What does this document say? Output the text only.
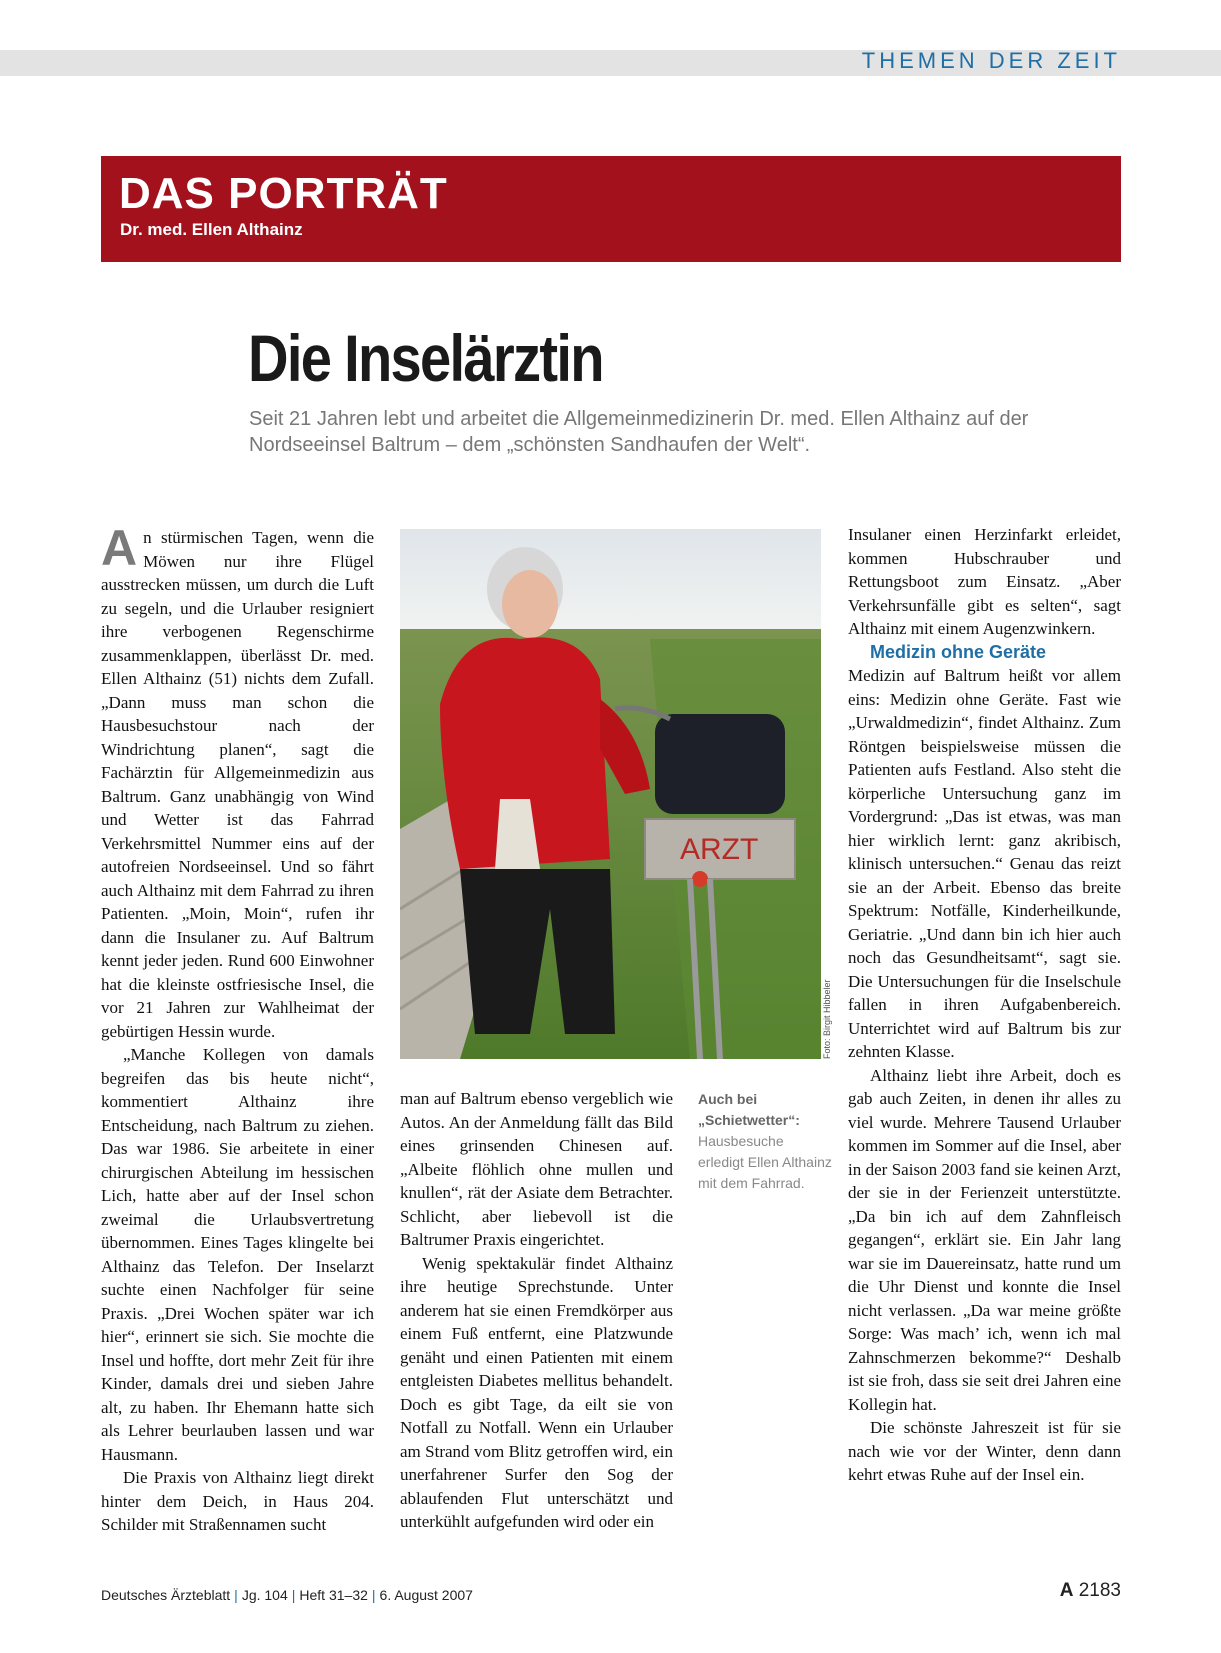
THEMEN DER ZEIT
DAS PORTRÄT
Dr. med. Ellen Althainz
Die Inselärztin

Seit 21 Jahren lebt und arbeitet die Allgemeinmedizinerin Dr. med. Ellen Althainz auf der Nordseeinsel Baltrum – dem „schönsten Sandhaufen der Welt“.

An stürmischen Tagen, wenn die Möwen nur ihre Flügel ausstrecken müssen, um durch die Luft zu segeln, und die Urlauber resigniert ihre verbogenen Regenschirme zusammenklappen, überlässt Dr. med. Ellen Althainz (51) nichts dem Zufall. „Dann muss man schon die Hausbesuchstour nach der Windrichtung planen“, sagt die Fachärztin für Allgemeinmedizin aus Baltrum. Ganz unabhängig von Wind und Wetter ist das Fahrrad Verkehrsmittel Nummer eins auf der autofreien Nordseeinsel. Und so fährt auch Althainz mit dem Fahrrad zu ihren Patienten. „Moin, Moin“, rufen ihr dann die Insulaner zu. Auf Baltrum kennt jeder jeden. Rund 600 Einwohner hat die kleinste ostfriesische Insel, die vor 21 Jahren zur Wahlheimat der gebürtigen Hessin wurde.

„Manche Kollegen von damals begreifen das bis heute nicht“, kommentiert Althainz ihre Entscheidung, nach Baltrum zu ziehen. Das war 1986. Sie arbeitete in einer chirurgischen Abteilung im hessischen Lich, hatte aber auf der Insel schon zweimal die Urlaubsvertretung übernommen. Eines Tages klingelte bei Althainz das Telefon. Der Inselarzt suchte einen Nachfolger für seine Praxis. „Drei Wochen später war ich hier“, erinnert sie sich. Sie mochte die Insel und hoffte, dort mehr Zeit für ihre Kinder, damals drei und sieben Jahre alt, zu haben. Ihr Ehemann hatte sich als Lehrer beurlauben lassen und war Hausmann.

Die Praxis von Althainz liegt direkt hinter dem Deich, in Haus 204. Schilder mit Straßennamen sucht

ARZT
Foto: Birgit Hibbeler
Auch bei „Schietwetter“: Hausbesuche erledigt Ellen Althainz mit dem Fahrrad.

man auf Baltrum ebenso vergeblich wie Autos. An der Anmeldung fällt das Bild eines grinsenden Chinesen auf. „Albeite flöhlich ohne mullen und knullen“, rät der Asiate dem Betrachter. Schlicht, aber liebevoll ist die Baltrumer Praxis eingerichtet.

Wenig spektakulär findet Althainz ihre heutige Sprechstunde. Unter anderem hat sie einen Fremdkörper aus einem Fuß entfernt, eine Platzwunde genäht und einen Patienten mit einem entgleisten Diabetes mellitus behandelt. Doch es gibt Tage, da eilt sie von Notfall zu Notfall. Wenn ein Urlauber am Strand vom Blitz getroffen wird, ein unerfahrener Surfer den Sog der ablaufenden Flut unterschätzt und unterkühlt aufgefunden wird oder ein

Insulaner einen Herzinfarkt erleidet, kommen Hubschrauber und Rettungsboot zum Einsatz. „Aber Verkehrsunfälle gibt es selten“, sagt Althainz mit einem Augenzwinkern.

Medizin ohne Geräte

Medizin auf Baltrum heißt vor allem eins: Medizin ohne Geräte. Fast wie „Urwaldmedizin“, findet Althainz. Zum Röntgen beispielsweise müssen die Patienten aufs Festland. Also steht die körperliche Untersuchung ganz im Vordergrund: „Das ist etwas, was man hier wirklich lernt: ganz akribisch, klinisch untersuchen.“ Genau das reizt sie an der Arbeit. Ebenso das breite Spektrum: Notfälle, Kinderheilkunde, Geriatrie. „Und dann bin ich hier auch noch das Gesundheitsamt“, sagt sie. Die Untersuchungen für die Inselschule fallen in ihren Aufgabenbereich. Unterrichtet wird auf Baltrum bis zur zehnten Klasse.

Althainz liebt ihre Arbeit, doch es gab auch Zeiten, in denen ihr alles zu viel wurde. Mehrere Tausend Urlauber kommen im Sommer auf die Insel, aber in der Saison 2003 fand sie keinen Arzt, der sie in der Ferienzeit unterstützte. „Da bin ich auf dem Zahnfleisch gegangen“, erklärt sie. Ein Jahr lang war sie im Dauereinsatz, hatte rund um die Uhr Dienst und konnte die Insel nicht verlassen. „Da war meine größte Sorge: Was mach’ ich, wenn ich mal Zahnschmerzen bekomme?“ Deshalb ist sie froh, dass sie seit drei Jahren eine Kollegin hat.

Die schönste Jahreszeit ist für sie nach wie vor der Winter, denn dann kehrt etwas Ruhe auf der Insel ein.

Deutsches Ärzteblatt | Jg. 104 | Heft 31–32 | 6. August 2007	A 2183
